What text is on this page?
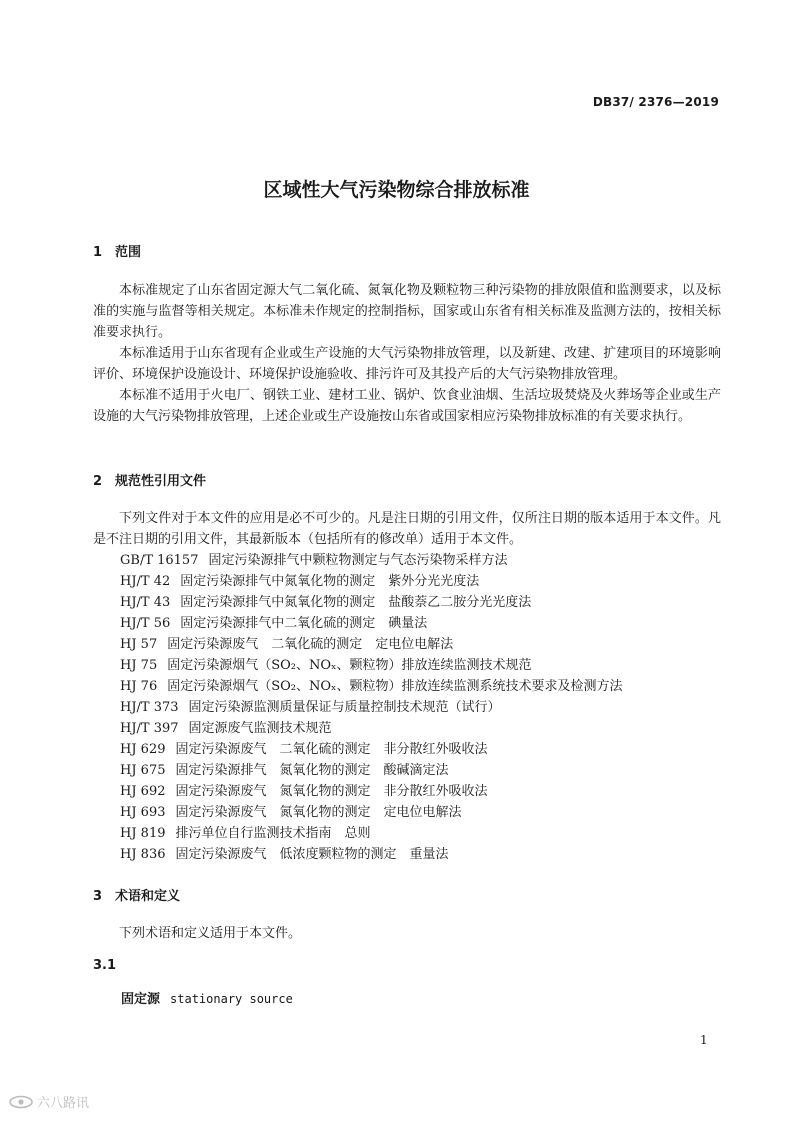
DB37/ 2376—2019
区域性大气污染物综合排放标准
1 范围

本标准规定了山东省固定源大气二氧化硫、氮氧化物及颗粒物三种污染物的排放限值和监测要求，以及标准的实施与监督等相关规定。本标准未作规定的控制指标，国家或山东省有相关标准及监测方法的，按相关标准要求执行。

本标准适用于山东省现有企业或生产设施的大气污染物排放管理，以及新建、改建、扩建项目的环境影响评价、环境保护设施设计、环境保护设施验收、排污许可及其投产后的大气污染物排放管理。

本标准不适用于火电厂、钢铁工业、建材工业、锅炉、饮食业油烟、生活垃圾焚烧及火葬场等企业或生产设施的大气污染物排放管理，上述企业或生产设施按山东省或国家相应污染物排放标准的有关要求执行。

2 规范性引用文件

下列文件对于本文件的应用是必不可少的。凡是注日期的引用文件，仅所注日期的版本适用于本文件。凡是不注日期的引用文件，其最新版本（包括所有的修改单）适用于本文件。

GB/T 16157 固定污染源排气中颗粒物测定与气态污染物采样方法
HJ/T 42 固定污染源排气中氮氧化物的测定　紫外分光光度法
HJ/T 43 固定污染源排气中氮氧化物的测定　盐酸萘乙二胺分光光度法
HJ/T 56 固定污染源排气中二氧化硫的测定　碘量法
HJ 57 固定污染源废气　二氧化硫的测定　定电位电解法
HJ 75 固定污染源烟气（SO₂、NOₓ、颗粒物）排放连续监测技术规范
HJ 76 固定污染源烟气（SO₂、NOₓ、颗粒物）排放连续监测系统技术要求及检测方法
HJ/T 373 固定污染源监测质量保证与质量控制技术规范（试行）
HJ/T 397 固定源废气监测技术规范
HJ 629 固定污染源废气　二氧化硫的测定　非分散红外吸收法
HJ 675 固定污染源排气　氮氧化物的测定　酸碱滴定法
HJ 692 固定污染源废气　氮氧化物的测定　非分散红外吸收法
HJ 693 固定污染源废气　氮氧化物的测定　定电位电解法
HJ 819 排污单位自行监测技术指南　总则
HJ 836 固定污染源废气　低浓度颗粒物的测定　重量法
3 术语和定义

下列术语和定义适用于本文件。

3.1
固定源 stationary source
1
六八路讯
